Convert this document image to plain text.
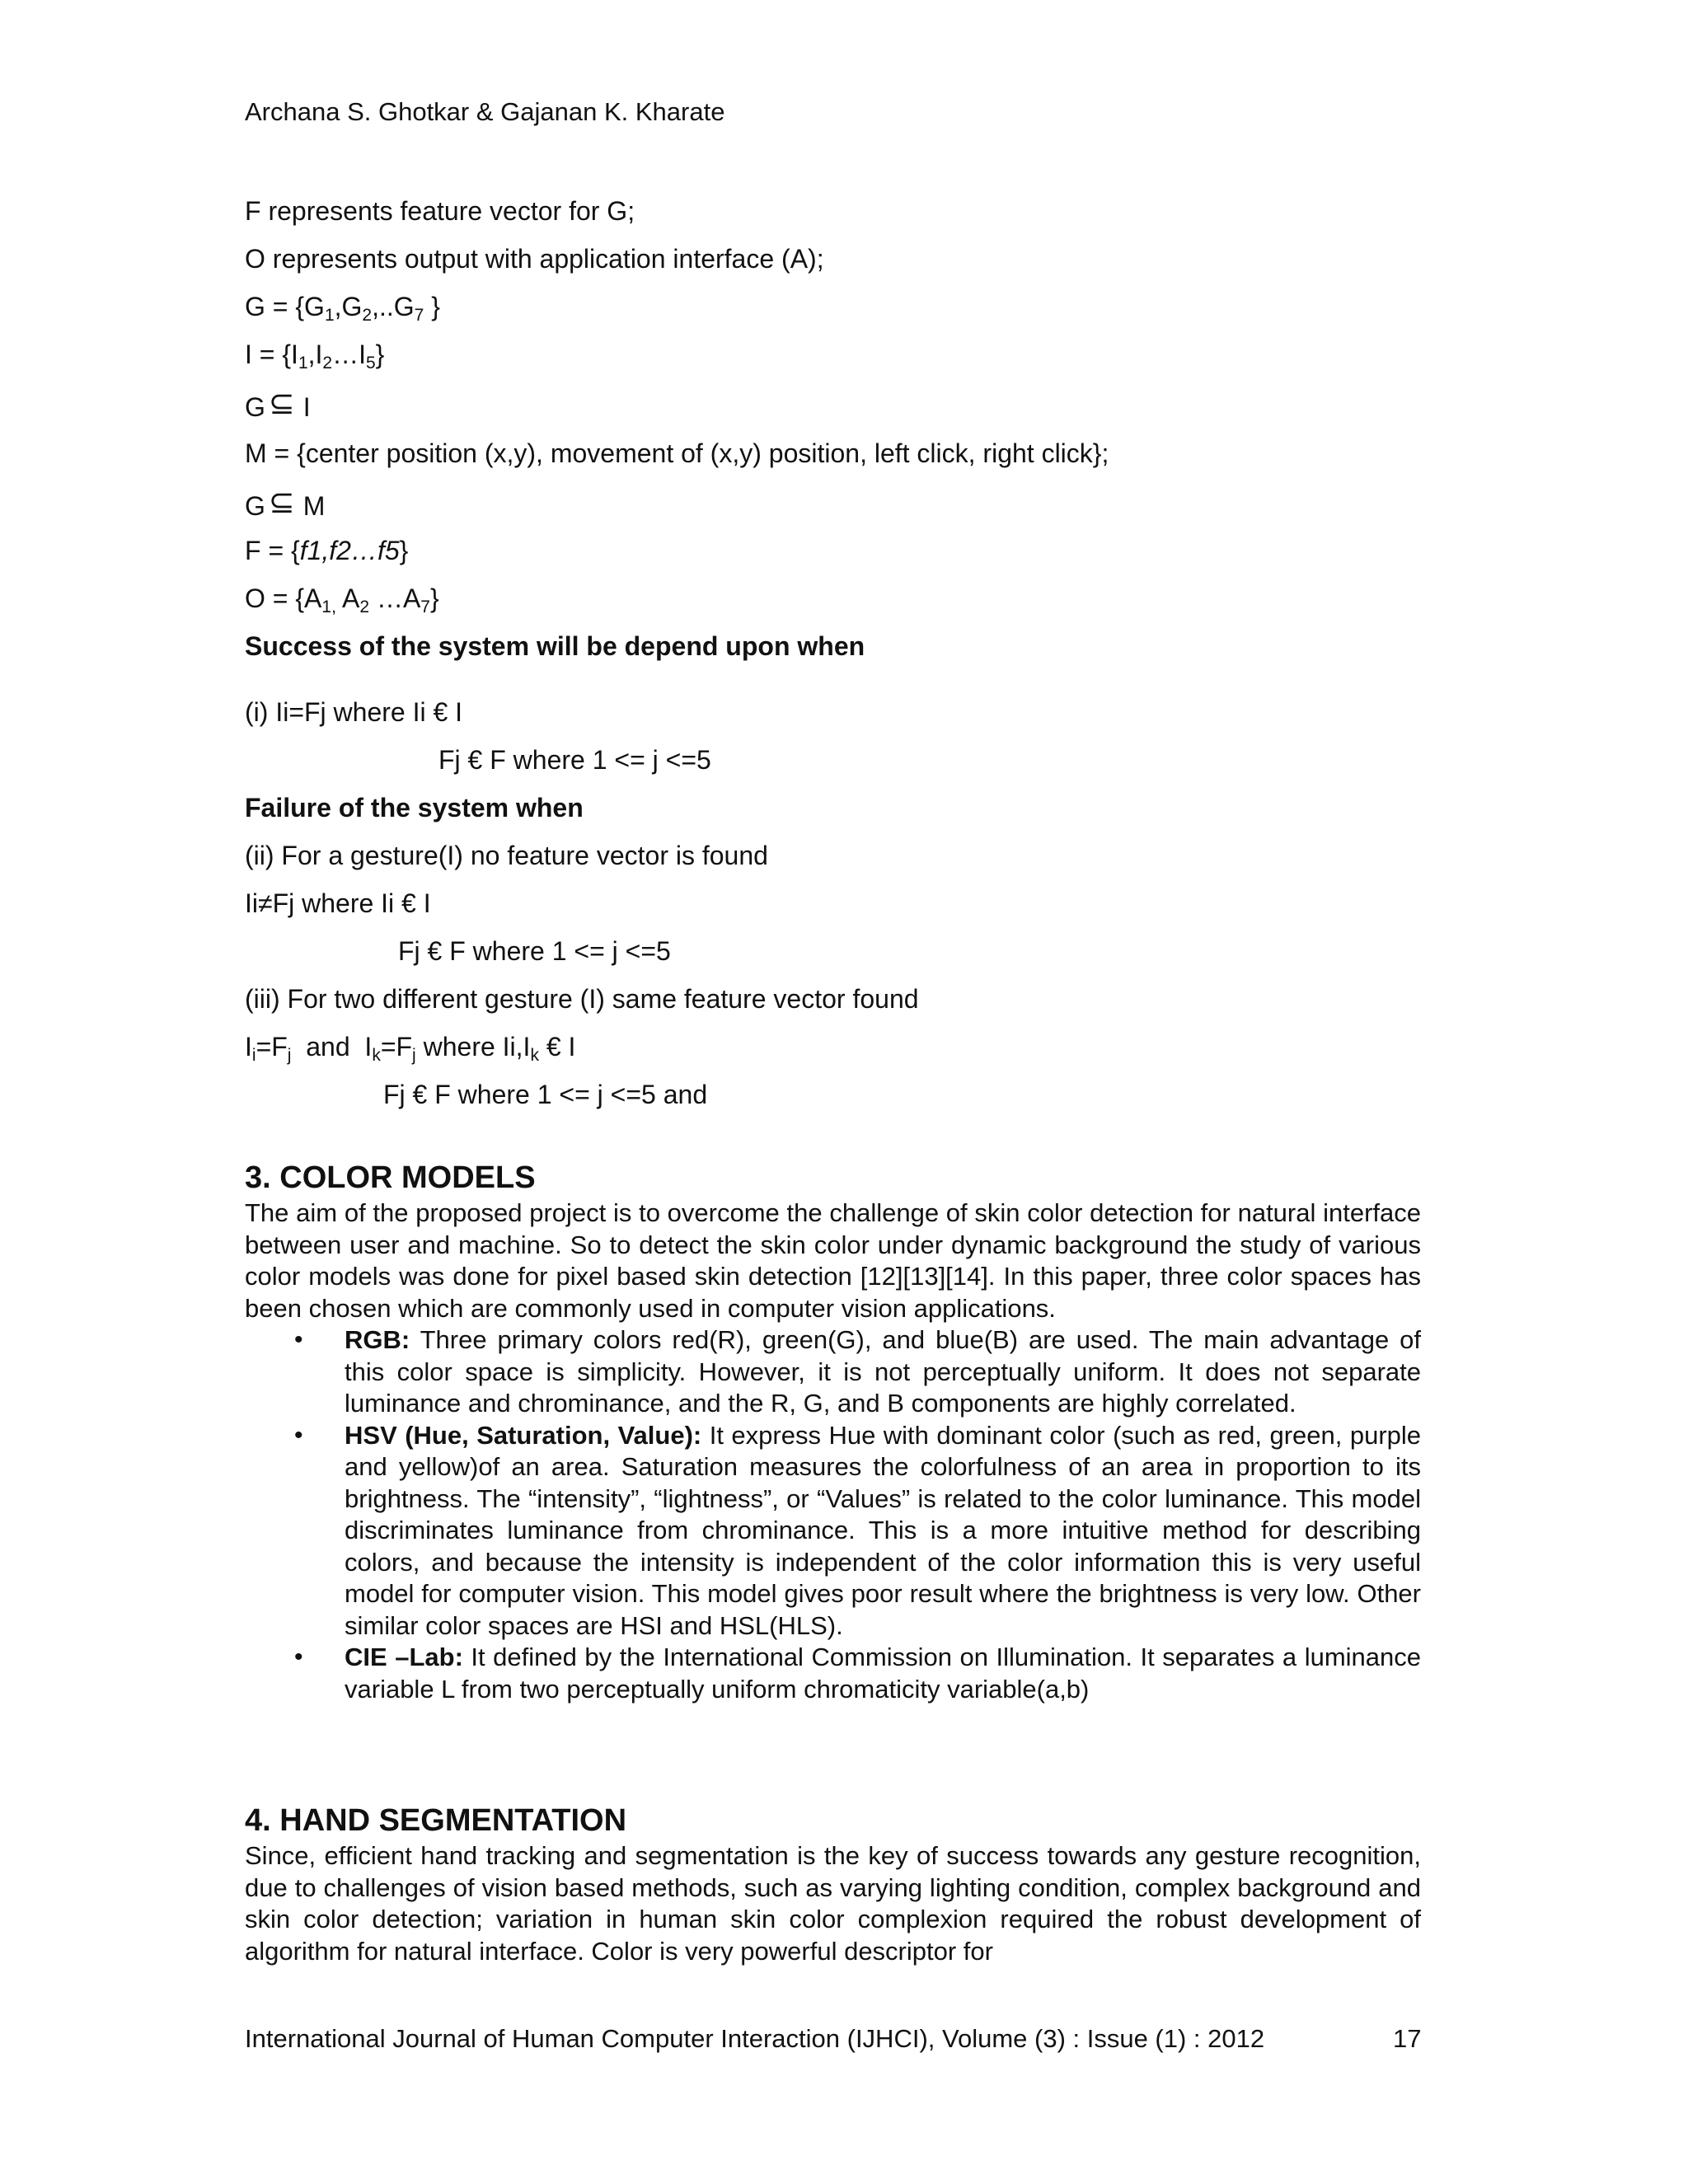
Archana S. Ghotkar & Gajanan K. Kharate
F represents feature vector for G;
O represents output with application interface (A);
$G = \{G_1,G_2,..G_7$ }
$I = \{I_1,I_2\dots I_5\}$
G ⊆ I
M = {center position (x,y), movement of (x,y) position, left click, right click};
G ⊆ M
F = {f1,f2…f5}
$O = \{A_{1,}$ $A_2$ $\dots A_7$}
Success of the system will be depend upon when
(i) Ii=Fj where Ii € I
Fj € F where 1 <= j <=5
Failure of the system when
(ii) For a gesture(I) no feature vector is found
Ii≠Fj where Ii € I
Fj € F where 1 <= j <=5
(iii) For two different gesture (I) same feature vector found
$I_i=F_j$  and  $I_k=F_j$ where $Ii,I_k$ € I
Fj € F where 1 <= j <=5 and
3. COLOR MODELS
The aim of the proposed project is to overcome the challenge of skin color detection for natural interface between user and machine. So to detect the skin color under dynamic background the study of various color models was done for pixel based skin detection [12][13][14]. In this paper, three color spaces has been chosen which are commonly used in computer vision applications.
• RGB: Three primary colors red(R), green(G), and blue(B) are used. The main advantage of this color space is simplicity. However, it is not perceptually uniform. It does not separate luminance and chrominance, and the R, G, and B components are highly correlated.
• HSV (Hue, Saturation, Value): It express Hue with dominant color (such as red, green, purple and yellow)of an area. Saturation measures the colorfulness of an area in proportion to its brightness. The “intensity”, “lightness”, or “Values” is related to the color luminance. This model discriminates luminance from chrominance. This is a more intuitive method for describing colors, and because the intensity is independent of the color information this is very useful model for computer vision. This model gives poor result where the brightness is very low. Other similar color spaces are HSI and HSL(HLS).
• CIE –Lab: It defined by the International Commission on Illumination. It separates a luminance variable L from two perceptually uniform chromaticity variable(a,b)
4. HAND SEGMENTATION
Since, efficient hand tracking and segmentation is the key of success towards any gesture recognition, due to challenges of vision based methods, such as varying lighting condition, complex background and skin color detection; variation in human skin color complexion required the robust development of algorithm for natural interface. Color is very powerful descriptor for
International Journal of Human Computer Interaction (IJHCI), Volume (3) : Issue (1) : 2012	17
